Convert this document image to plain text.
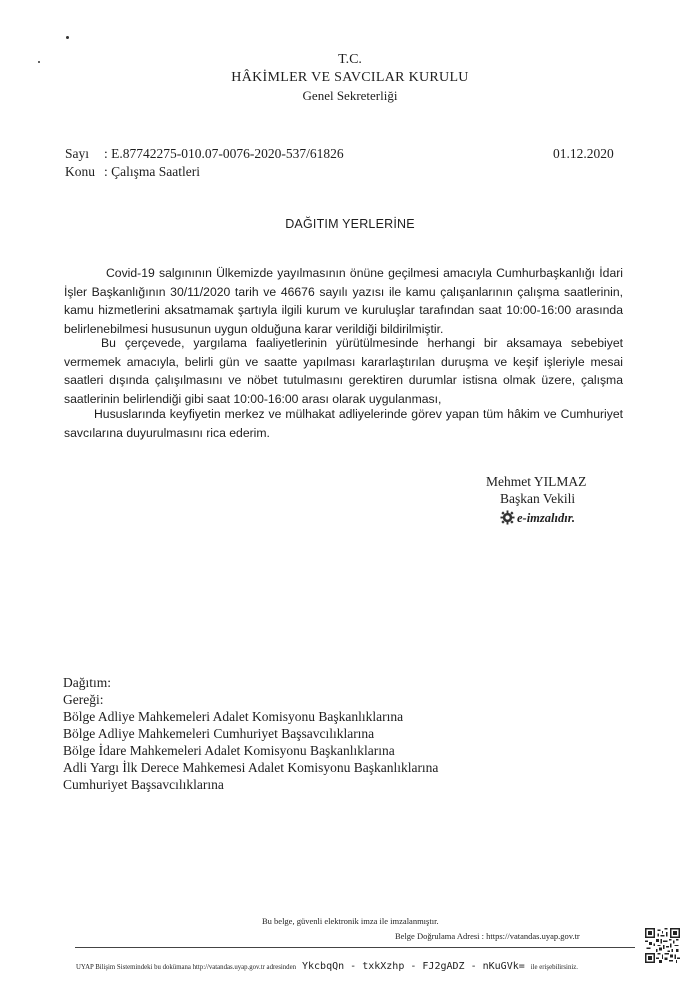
T.C.
HÂKİMLER VE SAVCILAR KURULU
Genel Sekreterliği
Sayı : E.87742275-010.07-0076-2020-537/61826	01.12.2020
Konu : Çalışma Saatleri
DAĞITIM YERLERİNE

Covid-19 salgınının Ülkemizde yayılmasının önüne geçilmesi amacıyla Cumhurbaşkanlığı İdari İşler Başkanlığının 30/11/2020 tarih ve 46676 sayılı yazısı ile kamu çalışanlarının çalışma saatlerinin, kamu hizmetlerini aksatmamak şartıyla ilgili kurum ve kuruluşlar tarafından saat 10:00-16:00 arasında belirlenebilmesi hususunun uygun olduğuna karar verildiği bildirilmiştir.

Bu çerçevede, yargılama faaliyetlerinin yürütülmesinde herhangi bir aksamaya sebebiyet vermemek amacıyla, belirli gün ve saatte yapılması kararlaştırılan duruşma ve keşif işleriyle mesai saatleri dışında çalışılmasını ve nöbet tutulmasını gerektiren durumlar istisna olmak üzere, çalışma saatlerinin belirlendiği gibi saat 10:00-16:00 arası olarak uygulanması,

Hususlarında keyfiyetin merkez ve mülhakat adliyelerinde görev yapan tüm hâkim ve Cumhuriyet savcılarına duyurulmasını rica ederim.

Mehmet YILMAZ
Başkan Vekili
e-imzalıdır.
Dağıtım:
Gereği:
Bölge Adliye Mahkemeleri Adalet Komisyonu Başkanlıklarına
Bölge Adliye Mahkemeleri Cumhuriyet Başsavcılıklarına
Bölge İdare Mahkemeleri Adalet Komisyonu Başkanlıklarına
Adli Yargı İlk Derece Mahkemesi Adalet Komisyonu Başkanlıklarına
Cumhuriyet Başsavcılıklarına
Bu belge, güvenli elektronik imza ile imzalanmıştır.
Belge Doğrulama Adresi : https://vatandas.uyap.gov.tr
UYAP Bilişim Sistemindeki bu dokümana http://vatandas.uyap.gov.tr adresinden YkcbqQn - txkXzhp - FJ2gADZ - nKuGVk= ile erişebilirsiniz.
